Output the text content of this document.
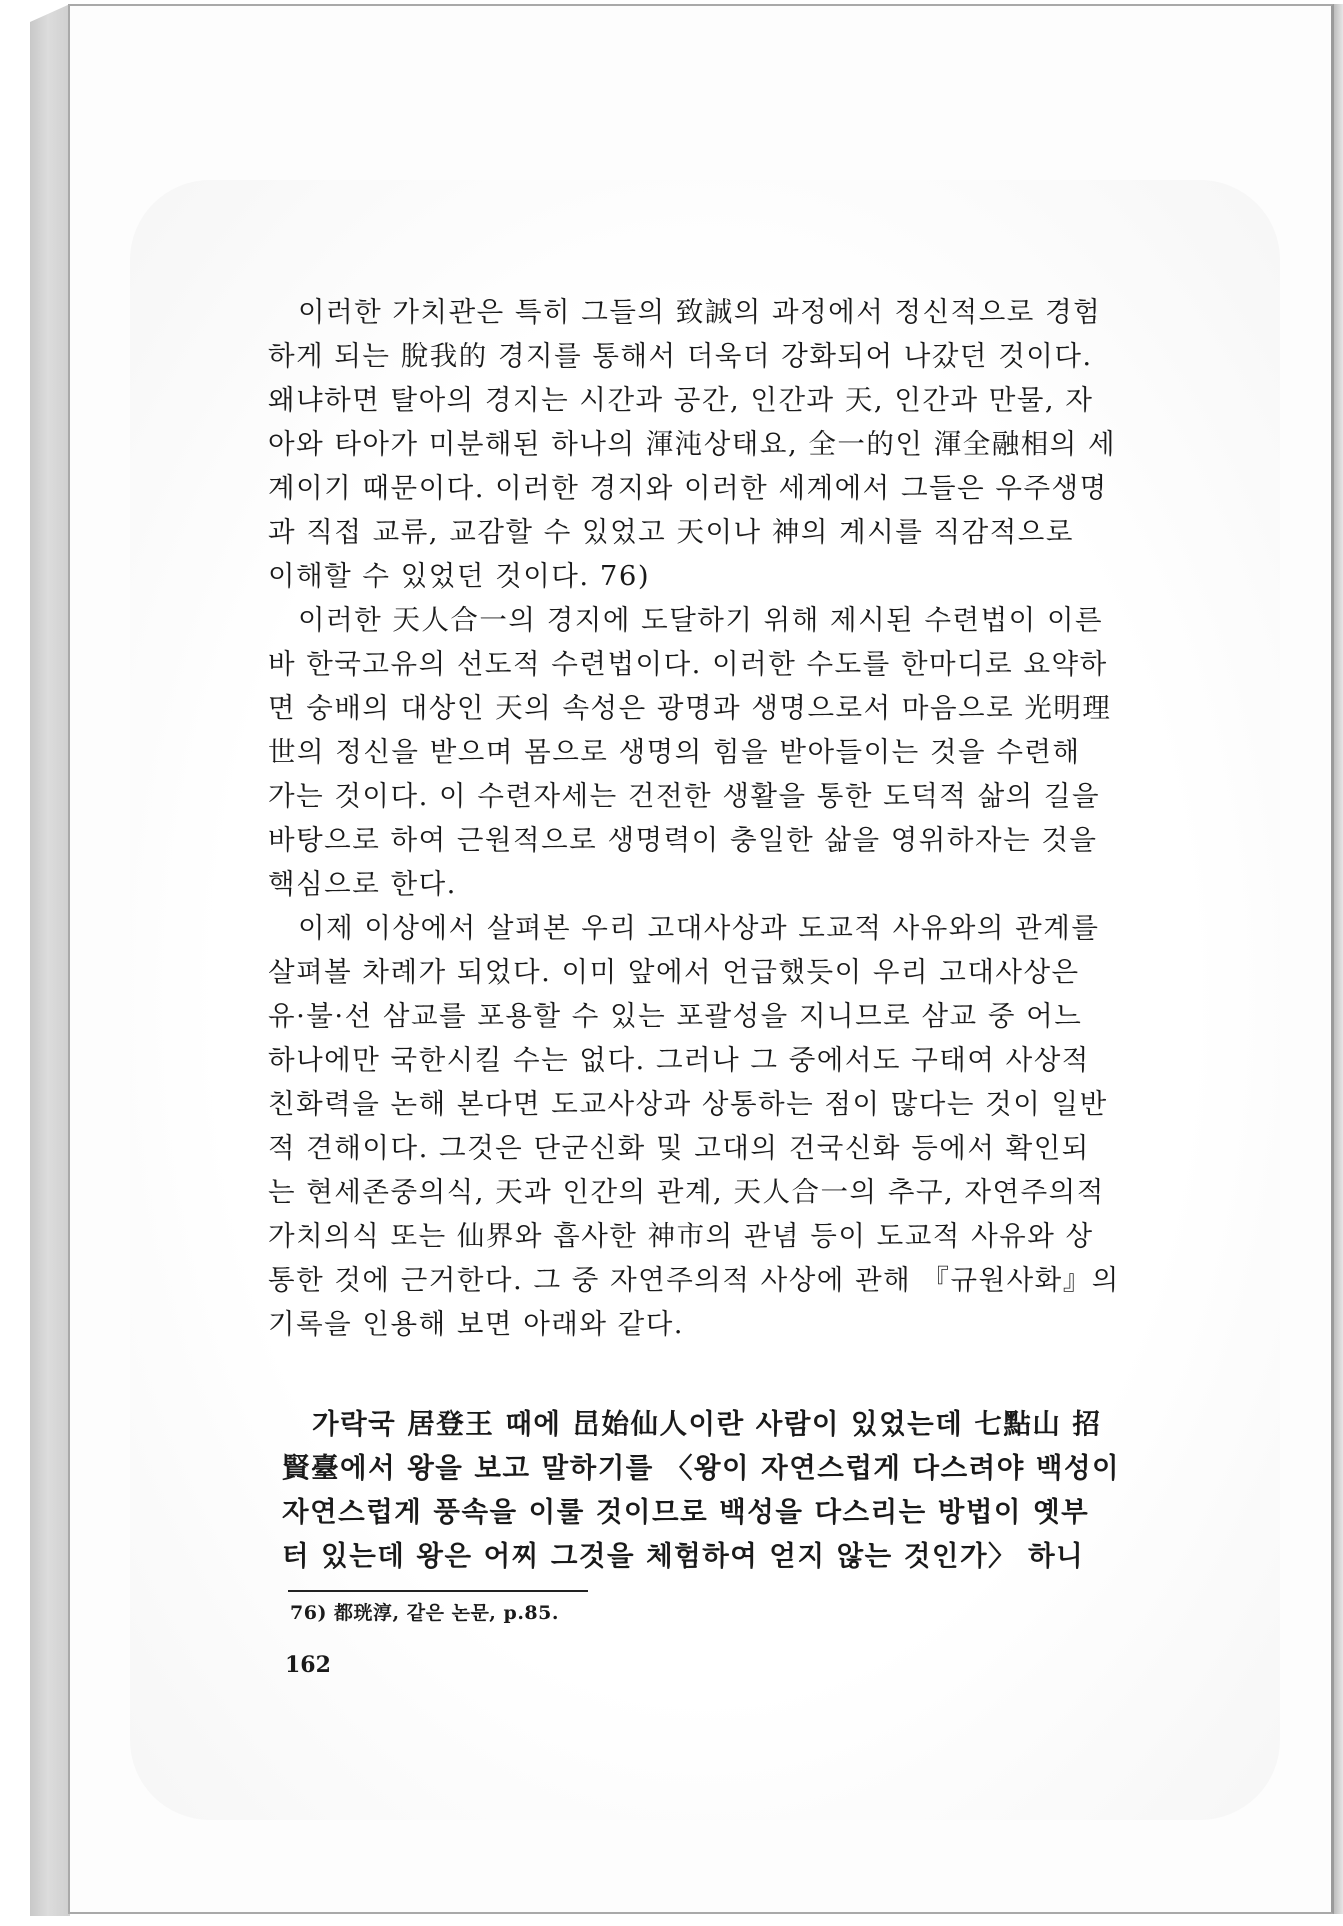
이러한 가치관은 특히 그들의 致誠의 과정에서 정신적으로 경험
하게 되는 脫我的 경지를 통해서 더욱더 강화되어 나갔던 것이다.
왜냐하면 탈아의 경지는 시간과 공간, 인간과 天, 인간과 만물, 자
아와 타아가 미분해된 하나의 渾沌상태요, 全一的인 渾全融相의 세
계이기 때문이다. 이러한 경지와 이러한 세계에서 그들은 우주생명
과 직접 교류, 교감할 수 있었고 天이나 神의 계시를 직감적으로
이해할 수 있었던 것이다. 76)

이러한 天人合一의 경지에 도달하기 위해 제시된 수련법이 이른
바 한국고유의 선도적 수련법이다. 이러한 수도를 한마디로 요약하
면 숭배의 대상인 天의 속성은 광명과 생명으로서 마음으로 光明理
世의 정신을 받으며 몸으로 생명의 힘을 받아들이는 것을 수련해
가는 것이다. 이 수련자세는 건전한 생활을 통한 도덕적 삶의 길을
바탕으로 하여 근원적으로 생명력이 충일한 삶을 영위하자는 것을
핵심으로 한다.

이제 이상에서 살펴본 우리 고대사상과 도교적 사유와의 관계를
살펴볼 차례가 되었다. 이미 앞에서 언급했듯이 우리 고대사상은
유·불·선 삼교를 포용할 수 있는 포괄성을 지니므로 삼교 중 어느
하나에만 국한시킬 수는 없다. 그러나 그 중에서도 구태여 사상적
친화력을 논해 본다면 도교사상과 상통하는 점이 많다는 것이 일반
적 견해이다. 그것은 단군신화 및 고대의 건국신화 등에서 확인되
는 현세존중의식, 天과 인간의 관계, 天人合一의 추구, 자연주의적
가치의식 또는 仙界와 흡사한 神市의 관념 등이 도교적 사유와 상
통한 것에 근거한다. 그 중 자연주의적 사상에 관해 『규원사화』의
기록을 인용해 보면 아래와 같다.

가락국 居登王 때에 旵始仙人이란 사람이 있었는데 七點山 招
賢臺에서 왕을 보고 말하기를 〈왕이 자연스럽게 다스려야 백성이
자연스럽게 풍속을 이룰 것이므로 백성을 다스리는 방법이 옛부
터 있는데 왕은 어찌 그것을 체험하여 얻지 않는 것인가〉 하니

76) 都珖淳, 같은 논문, p.85.
162
